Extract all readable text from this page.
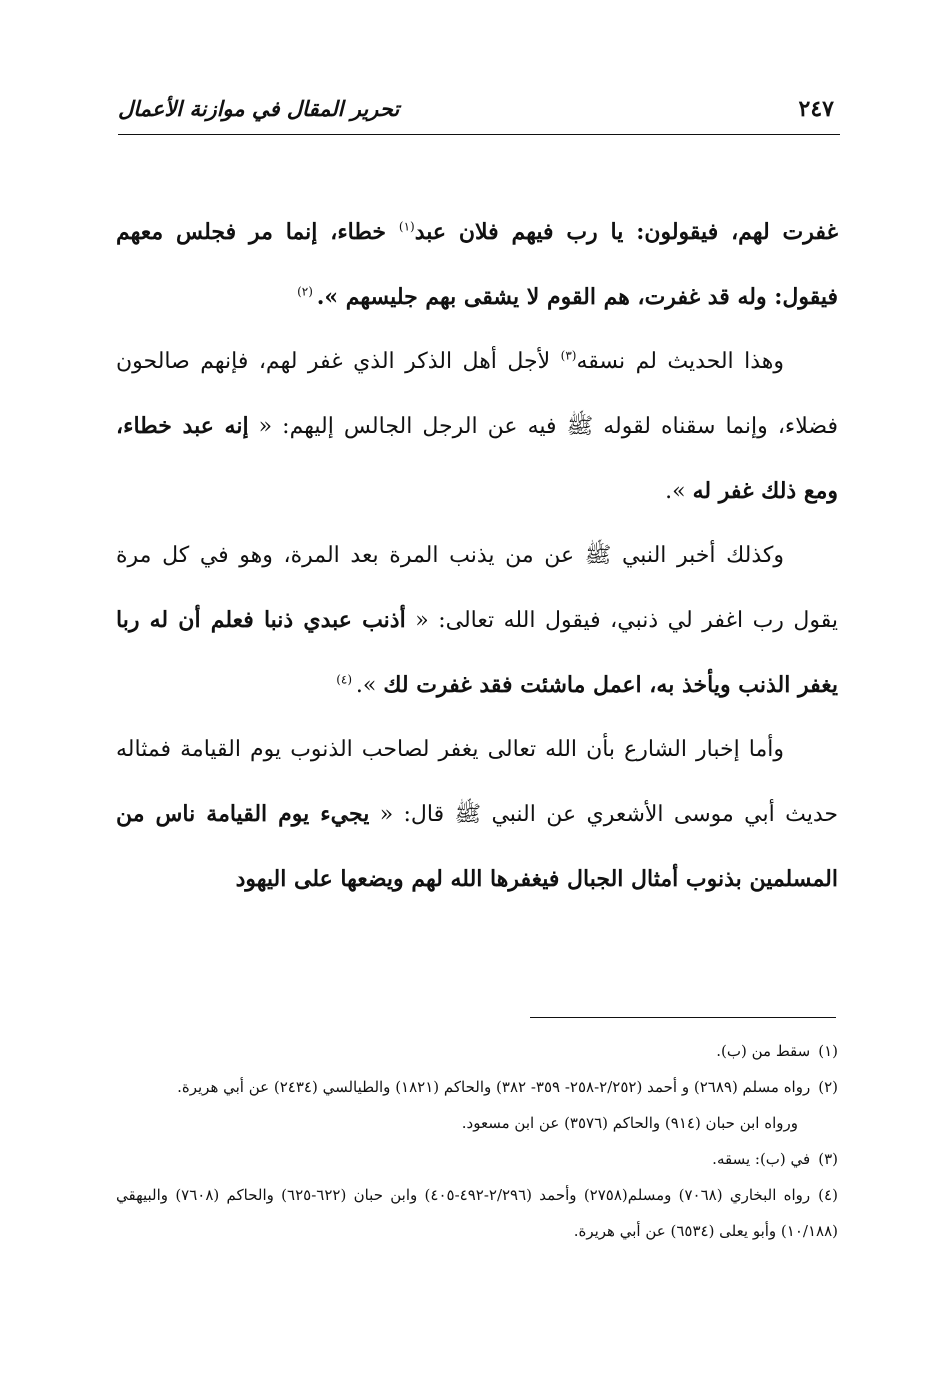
٢٤٧
تحرير المقال في موازنة الأعمال

غفرت لهم، فيقولون: يا رب فيهم فلان عبد$^{(١)}$ خطاء، إنما مر فجلس معهم فيقول: وله قد غفرت، هم القوم لا يشقى بهم جليسهم ». $^{(٢)}$

وهذا الحديث لم نسقه$^{(٣)}$ لأجل أهل الذكر الذي غفر لهم، فإنهم صالحون فضلاء، وإنما سقناه لقوله ﷺ فيه عن الرجل الجالس إليهم: « إنه عبد خطاء، ومع ذلك غفر له ».

وكذلك أخبر النبي ﷺ عن من يذنب المرة بعد المرة، وهو في كل مرة يقول رب اغفر لي ذنبي، فيقول الله تعالى: « أذنب عبدي ذنبا فعلم أن له ربا يغفر الذنب ويأخذ به، اعمل ماشئت فقد غفرت لك ». $^{(٤)}$

وأما إخبار الشارع بأن الله تعالى يغفر لصاحب الذنوب يوم القيامة فمثاله حديث أبي موسى الأشعري عن النبي ﷺ قال: « يجيء يوم القيامة ناس من المسلمين بذنوب أمثال الجبال فيغفرها الله لهم ويضعها على اليهود

(١)سقط من (ب).

(٢)رواه مسلم (٢٦٨٩) و أحمد (٢/٢٥٢-٢٥٨- ٣٥٩- ٣٨٢) والحاكم (١٨٢١) والطيالسي (٢٤٣٤) عن أبي هريرة.

ورواه ابن حبان (٩١٤) والحاكم (٣٥٧٦) عن ابن مسعود.

(٣)في (ب): يسقه.

(٤)رواه البخاري (٧٠٦٨) ومسلم(٢٧٥٨) وأحمد (٢/٢٩٦-٤٩٢-٤٠٥) وابن حبان (٦٢٢-٦٢٥) والحاكم (٧٦٠٨) والبيهقي (١٠/١٨٨) وأبو يعلى (٦٥٣٤) عن أبي هريرة.
